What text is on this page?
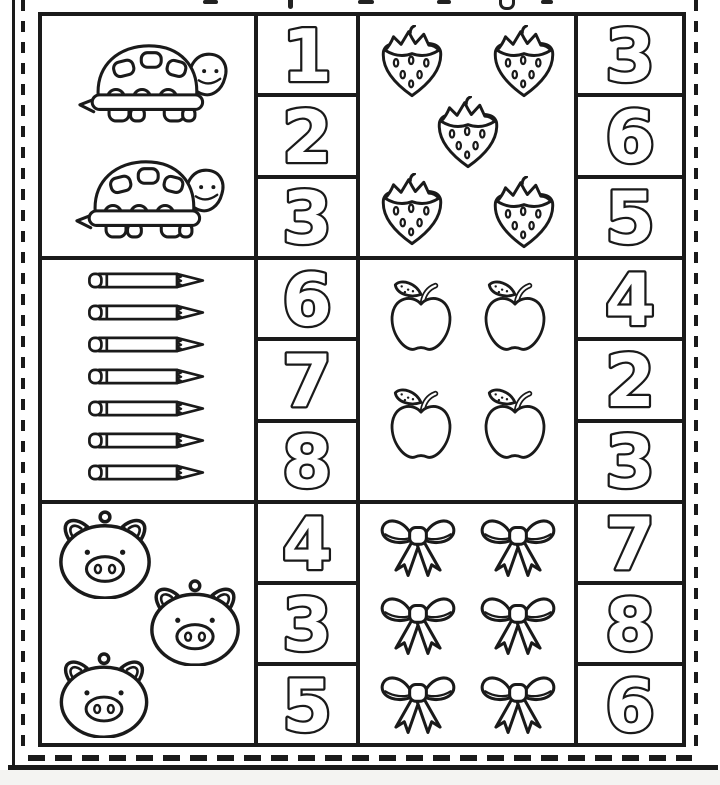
1
2
3
3
6
5
6
7
8
4
2
3
4
3
5
7
8
6
